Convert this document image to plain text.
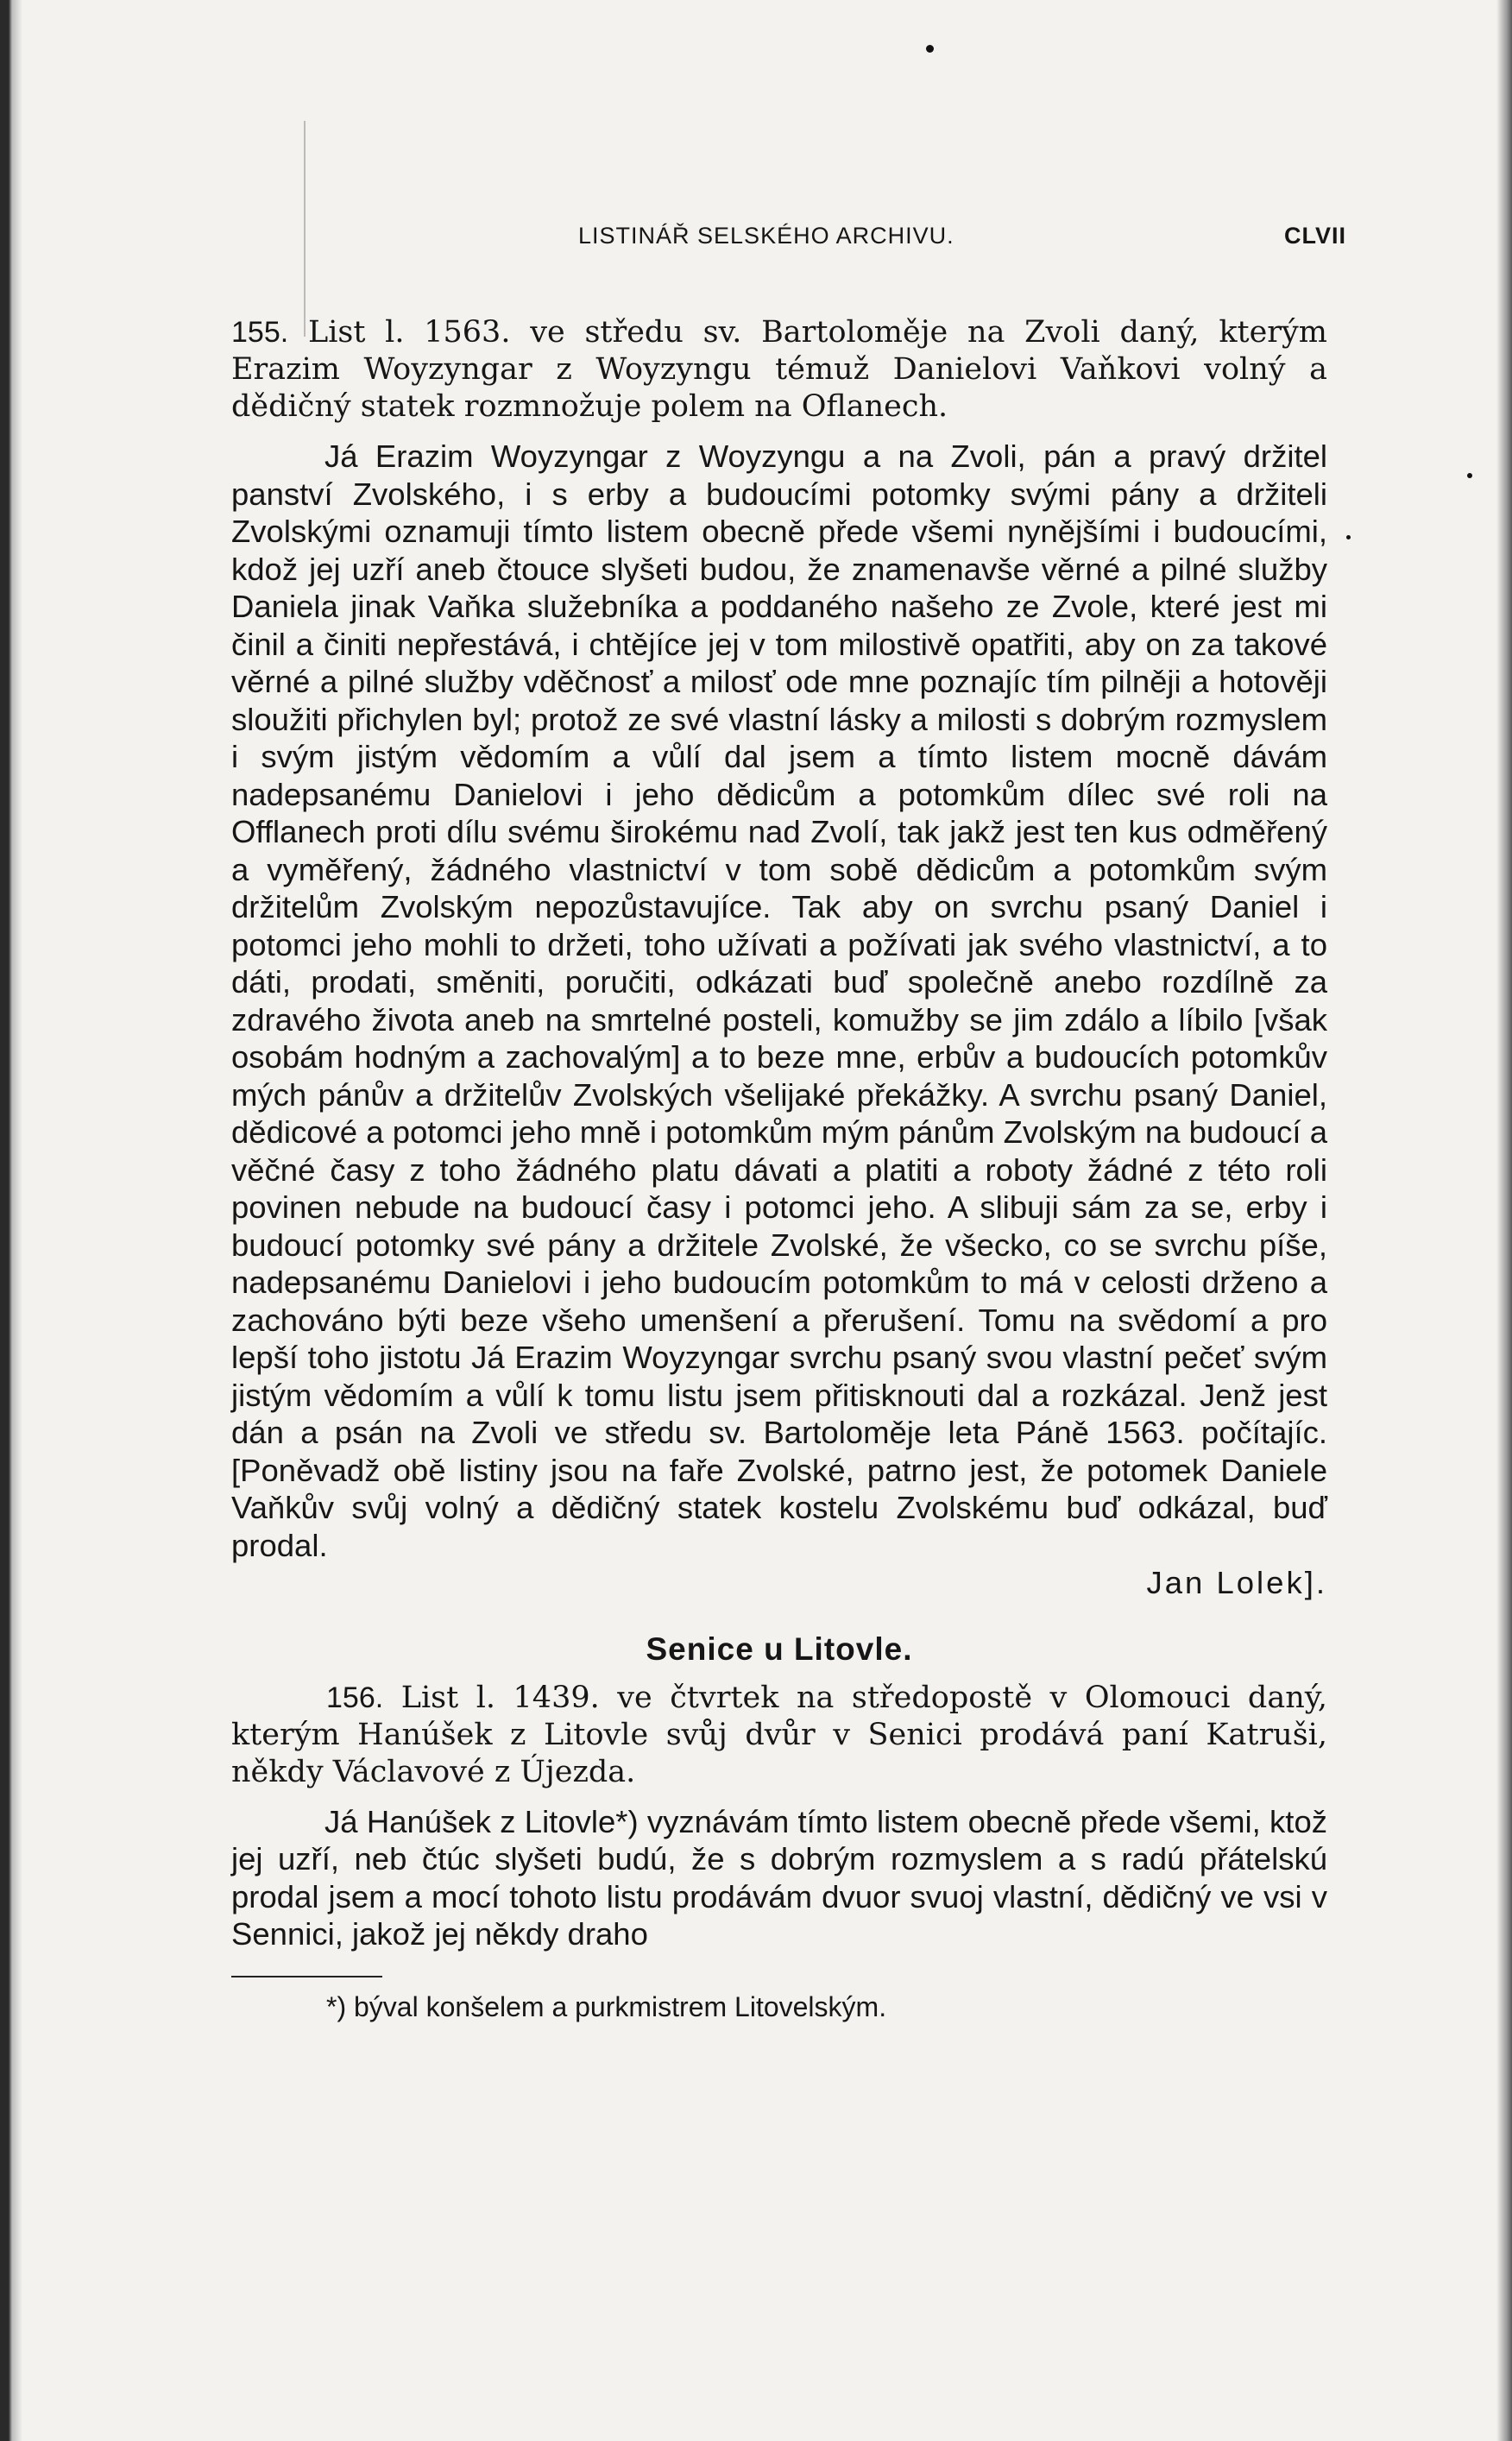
LISTINÁŘ SELSKÉHO ARCHIVU.	CLVII

155. List l. 1563. ve středu sv. Bartoloměje na Zvoli daný, kterým Erazim Woyzyngar z Woyzyngu témuž Danielovi Vaňkovi volný a dědičný statek rozmnožuje polem na Oflanech.

Já Erazim Woyzyngar z Woyzyngu a na Zvoli, pán a pravý držitel panství Zvolského, i s erby a budoucími potomky svými pány a držiteli Zvolskými oznamuji tímto listem obecně přede všemi nynějšími i budoucími, kdož jej uzří aneb čtouce slyšeti budou, že znamenavše věrné a pilné služby Daniela jinak Vaňka služebníka a poddaného našeho ze Zvole, které jest mi činil a činiti nepřestává, i chtějíce jej v tom milostivě opatřiti, aby on za takové věrné a pilné služby vděčnosť a milosť ode mne poznajíc tím pilněji a hotověji sloužiti přichylen byl; protož ze své vlastní lásky a milosti s dobrým rozmyslem i svým jistým vědomím a vůlí dal jsem a tímto listem mocně dávám nadepsanému Danielovi i jeho dědicům a potomkům dílec své roli na Offlanech proti dílu svému širokému nad Zvolí, tak jakž jest ten kus odměřený a vyměřený, žádného vlastnictví v tom sobě dědicům a potomkům svým držitelům Zvolským nepozůstavujíce. Tak aby on svrchu psaný Daniel i potomci jeho mohli to držeti, toho užívati a požívati jak svého vlastnictví, a to dáti, prodati, směniti, poručiti, odkázati buď společně anebo rozdílně za zdravého života aneb na smrtelné posteli, komužby se jim zdálo a líbilo [však osobám hodným a zachovalým] a to beze mne, erbův a budoucích potomkův mých pánův a držitelův Zvolských všelijaké překážky. A svrchu psaný Daniel, dědicové a potomci jeho mně i potomkům mým pánům Zvolským na budoucí a věčné časy z toho žádného platu dávati a platiti a roboty žádné z této roli povinen nebude na budoucí časy i potomci jeho. A slibuji sám za se, erby i budoucí potomky své pány a držitele Zvolské, že všecko, co se svrchu píše, nadepsanému Danielovi i jeho budoucím potomkům to má v celosti drženo a zachováno býti beze všeho umenšení a přerušení. Tomu na svědomí a pro lepší toho jistotu Já Erazim Woyzyngar svrchu psaný svou vlastní pečeť svým jistým vědomím a vůlí k tomu listu jsem přitisknouti dal a rozkázal. Jenž jest dán a psán na Zvoli ve středu sv. Bartoloměje leta Páně 1563. počítajíc. [Poněvadž obě listiny jsou na faře Zvolské, patrno jest, že potomek Daniele Vaňkův svůj volný a dědičný statek kostelu Zvolskému buď odkázal, buď prodal.
Jan Lolek].

Senice u Litovle.

156. List l. 1439. ve čtvrtek na středopostě v Olomouci daný, kterým Hanúšek z Litovle svůj dvůr v Senici prodává paní Katruši, někdy Václavové z Újezda.

Já Hanúšek z Litovle*) vyznávám tímto listem obecně přede všemi, ktož jej uzří, neb čtúc slyšeti budú, že s dobrým rozmyslem a s radú přátelskú prodal jsem a mocí tohoto listu prodávám dvuor svuoj vlastní, dědičný ve vsi v Sennici, jakož jej někdy draho

*) býval konšelem a purkmistrem Litovelským.
